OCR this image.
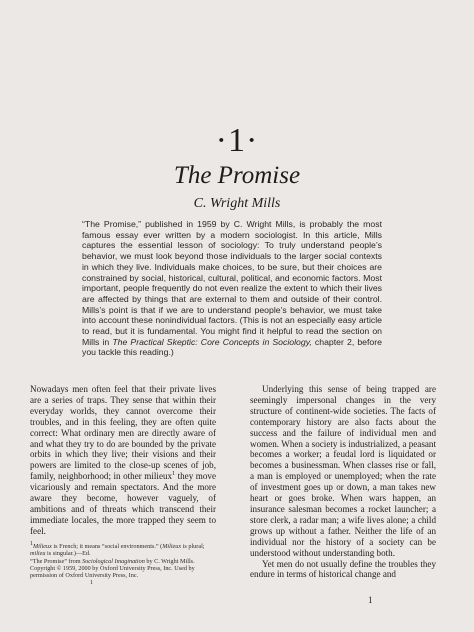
·1·
The Promise
C. Wright Mills
“The Promise,” published in 1959 by C. Wright Mills, is probably the most famous essay ever written by a modern sociologist. In this article, Mills captures the essential lesson of sociology: To truly understand people’s behavior, we must look beyond those individuals to the larger social contexts in which they live. Individuals make choices, to be sure, but their choices are constrained by social, historical, cultural, political, and economic factors. Most important, people frequently do not even realize the extent to which their lives are affected by things that are external to them and outside of their control. Mills’s point is that if we are to understand people’s behavior, we must take into account these nonindividual factors. (This is not an especially easy article to read, but it is fundamental. You might find it helpful to read the section on Mills in The Practical Skeptic: Core Concepts in Sociology, chapter 2, before you tackle this reading.)

Nowadays men often feel that their private lives are a series of traps. They sense that within their everyday worlds, they cannot overcome their troubles, and in this feeling, they are often quite correct: What ordinary men are directly aware of and what they try to do are bounded by the private orbits in which they live; their visions and their powers are limited to the close-up scenes of job, family, neighborhood; in other milieux$^1$ they move vicariously and remain spectators. And the more aware they become, however vaguely, of ambitions and of threats which transcend their immediate locales, the more trapped they seem to feel.

Underlying this sense of being trapped are seemingly impersonal changes in the very structure of continent-wide societies. The facts of contemporary history are also facts about the success and the failure of individual men and women. When a society is industrialized, a peasant becomes a worker; a feudal lord is liquidated or becomes a businessman. When classes rise or fall, a man is employed or unemployed; when the rate of investment goes up or down, a man takes new heart or goes broke. When wars happen, an insurance salesman becomes a rocket launcher; a store clerk, a radar man; a wife lives alone; a child grows up without a father. Neither the life of an individual nor the history of a society can be understood without understanding both.

Yet men do not usually define the troubles they endure in terms of historical change and

1Milieux is French; it means “social environments.” (Milieux is plural; milieu is singular.)—Ed.

“The Promise” from Sociological Imagination by C. Wright Mills. Copyright © 1959, 2000 by Oxford University Press, Inc. Used by permission of Oxford University Press, Inc.

1

1
